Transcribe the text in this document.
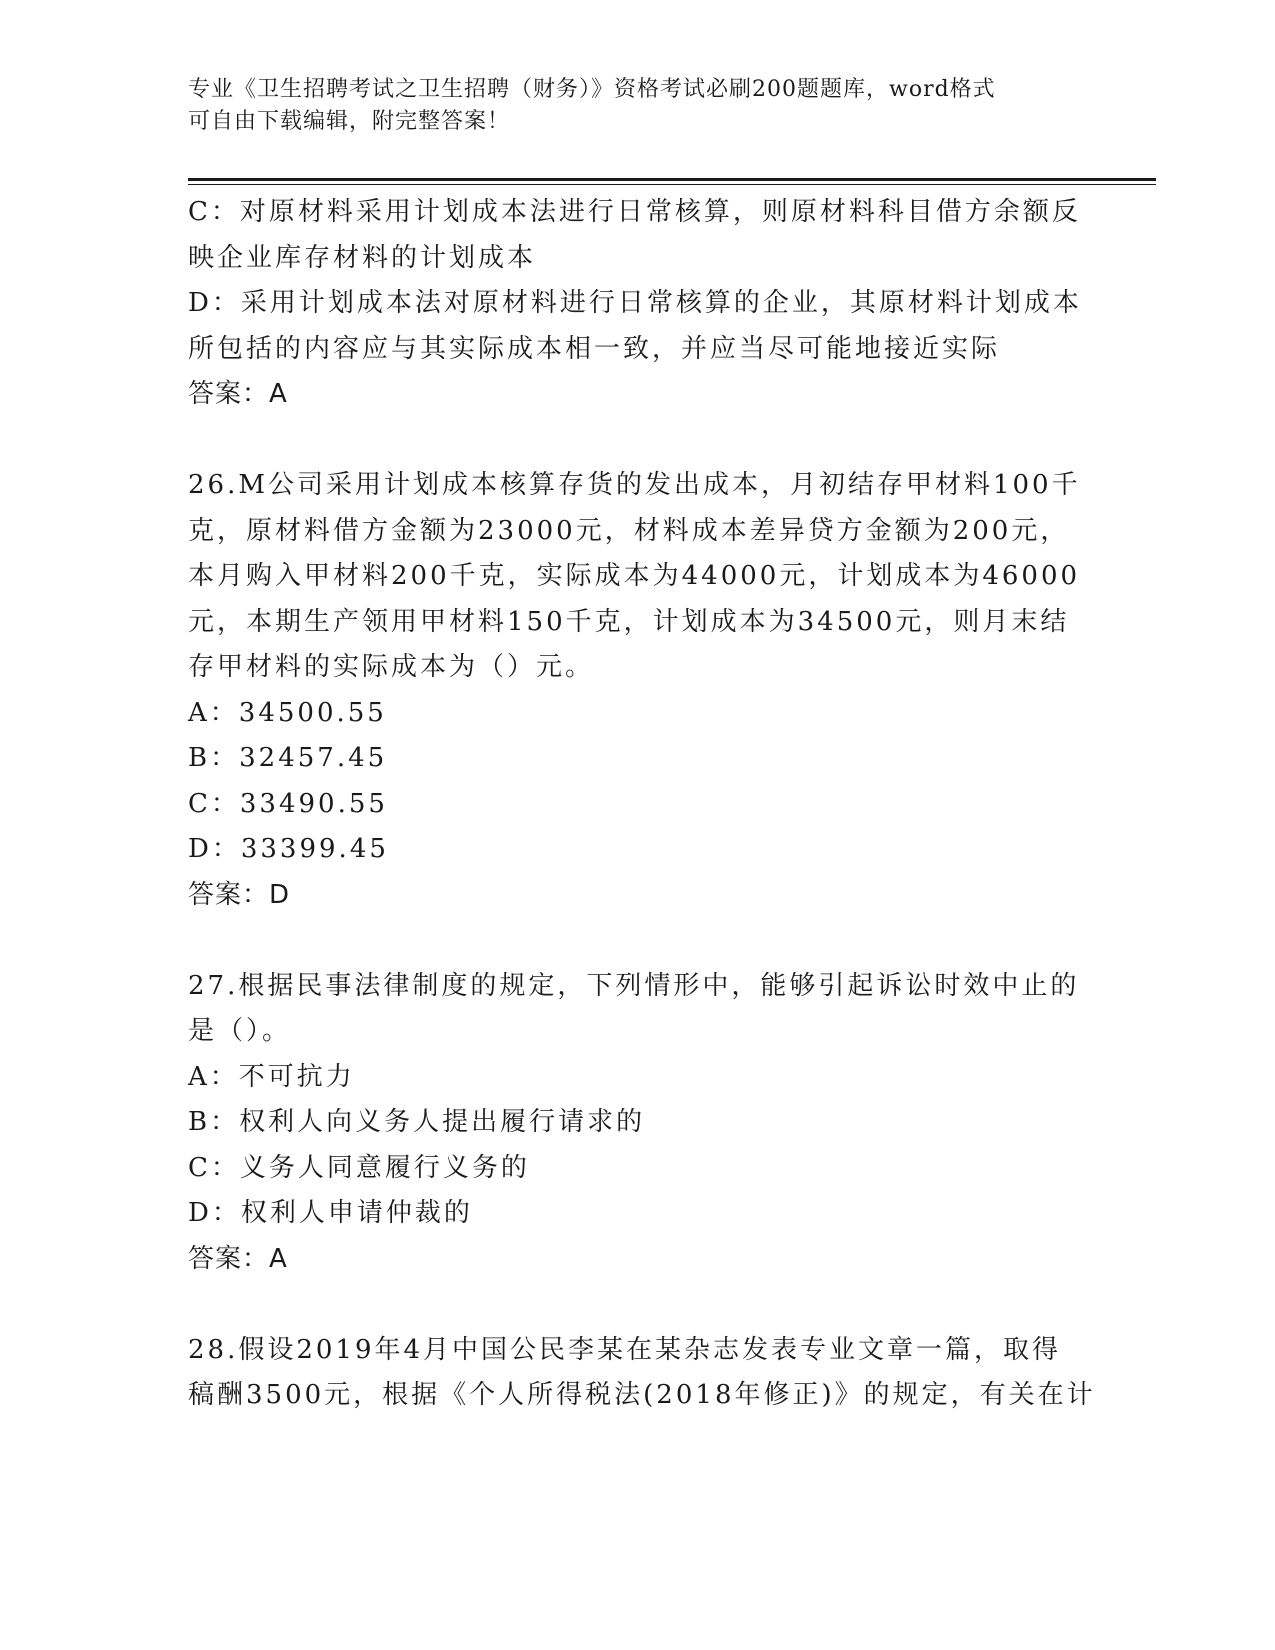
专业《卫生招聘考试之卫生招聘（财务）》资格考试必刷200题题库，word格式
可自由下载编辑，附完整答案！
C：对原材料采用计划成本法进行日常核算，则原材料科目借方余额反
映企业库存材料的计划成本
D：采用计划成本法对原材料进行日常核算的企业，其原材料计划成本
所包括的内容应与其实际成本相一致，并应当尽可能地接近实际
答案：A
26.M公司采用计划成本核算存货的发出成本，月初结存甲材料100千
克，原材料借方金额为23000元，材料成本差异贷方金额为200元，
本月购入甲材料200千克，实际成本为44000元，计划成本为46000
元，本期生产领用甲材料150千克，计划成本为34500元，则月末结
存甲材料的实际成本为（）元。
A：34500.55
B：32457.45
C：33490.55
D：33399.45
答案：D
27.根据民事法律制度的规定，下列情形中，能够引起诉讼时效中止的
是（）。
A：不可抗力
B：权利人向义务人提出履行请求的
C：义务人同意履行义务的
D：权利人申请仲裁的
答案：A
28.假设2019年4月中国公民李某在某杂志发表专业文章一篇，取得
稿酬3500元，根据《个人所得税法(2018年修正)》的规定，有关在计
